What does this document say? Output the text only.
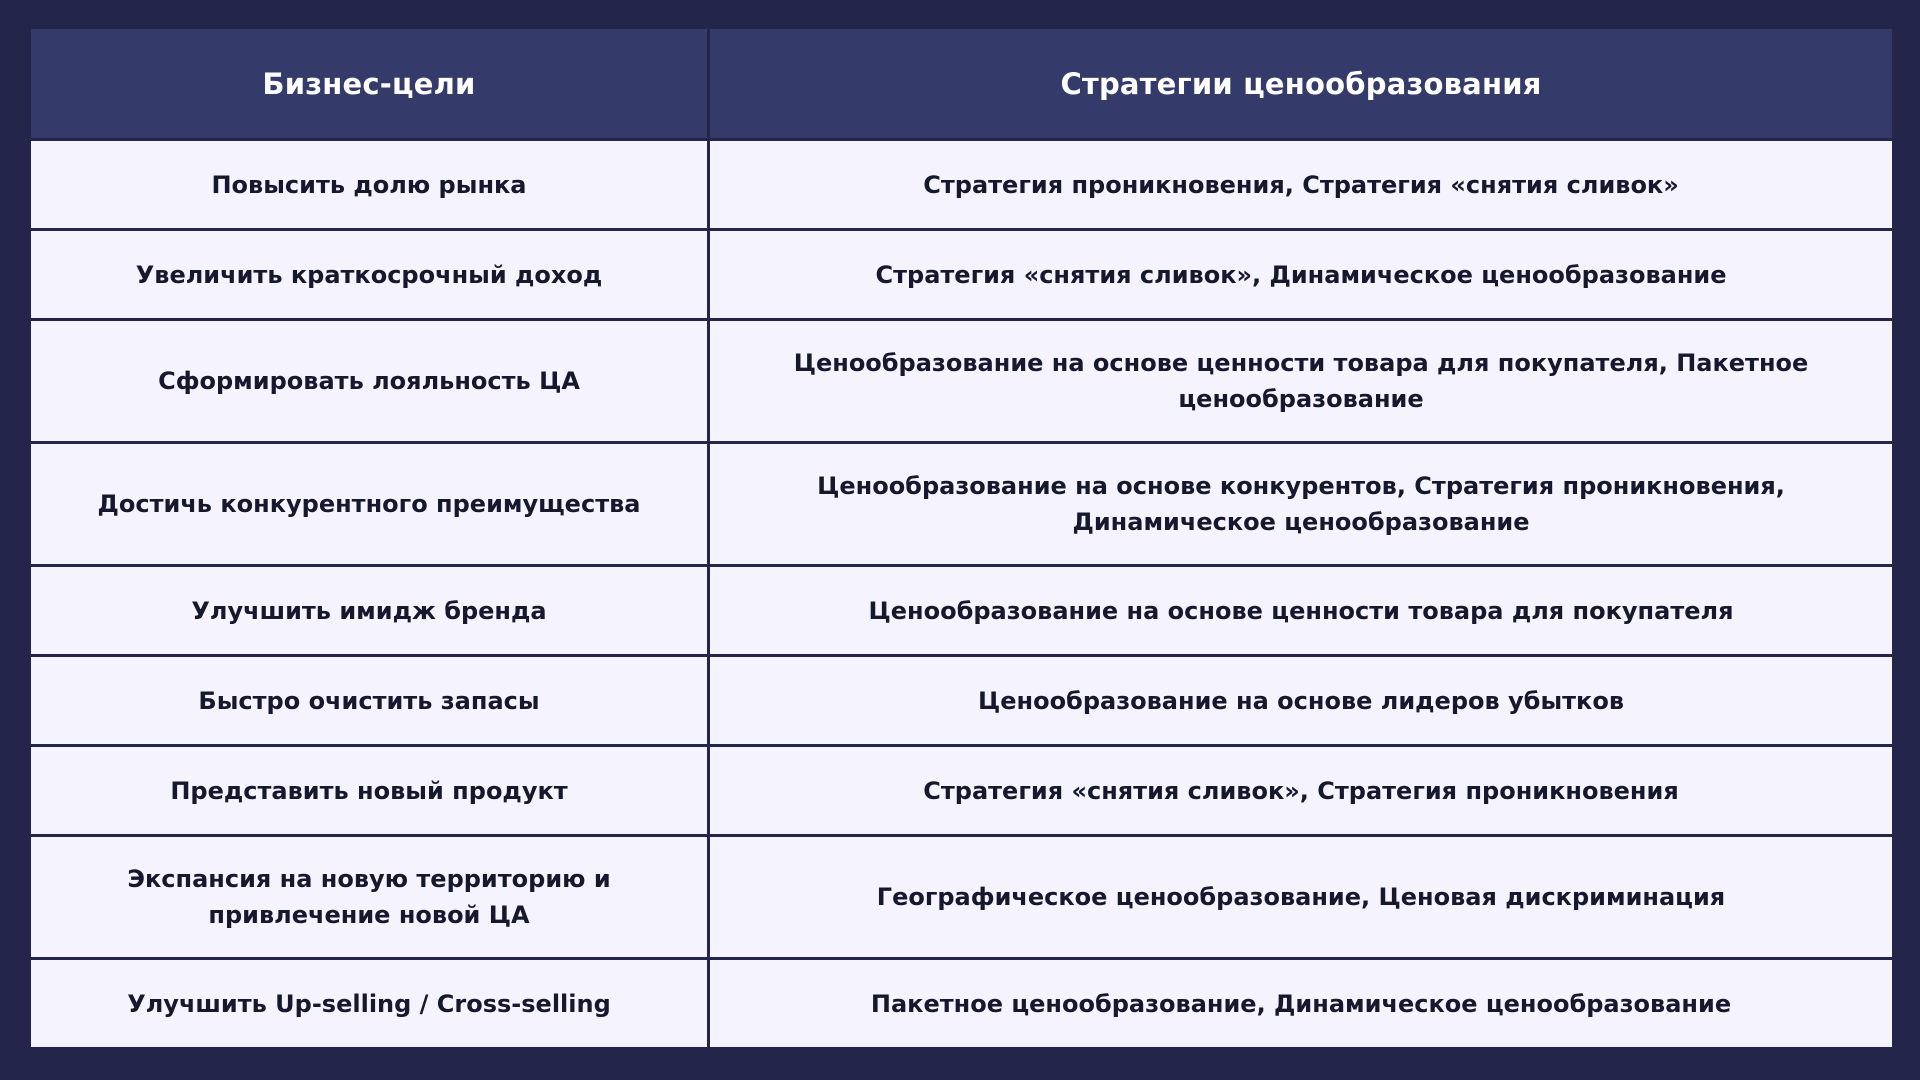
Бизнес-цели	Стратегии ценообразования
Повысить долю рынка	Стратегия проникновения, Стратегия «снятия сливок»
Увеличить краткосрочный доход	Стратегия «снятия сливок», Динамическое ценообразование
Сформировать лояльность ЦА	Ценообразование на основе ценности товара для покупателя, Пакетное ценообразование
Достичь конкурентного преимущества	Ценообразование на основе конкурентов, Стратегия проникновения, Динамическое ценообразование
Улучшить имидж бренда	Ценообразование на основе ценности товара для покупателя
Быстро очистить запасы	Ценообразование на основе лидеров убытков
Представить новый продукт	Стратегия «снятия сливок», Стратегия проникновения
Экспансия на новую территорию и привлечение новой ЦА	Географическое ценообразование, Ценовая дискриминация
Улучшить Up-selling / Cross-selling	Пакетное ценообразование, Динамическое ценообразование
